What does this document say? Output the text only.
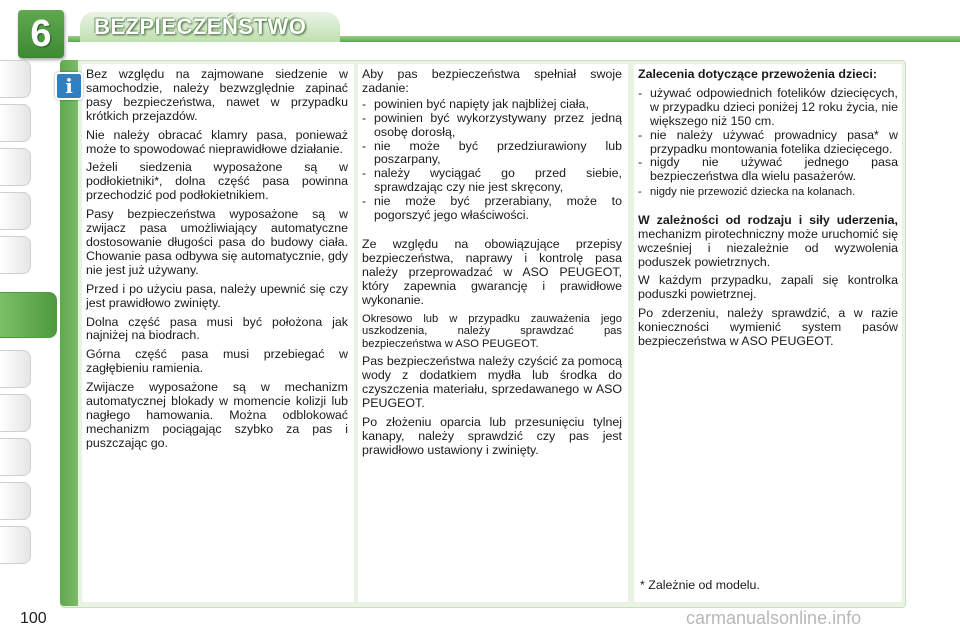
BEZPIECZEŃSTWO
6
i	Bez względu na zajmowane siedzenie w samochodzie, należy bezwzględnie zapinać pasy bezpieczeństwa, nawet w przypadku krótkich przejazdów.

Nie należy obracać klamry pasa, ponieważ może to spowodować nieprawidłowe działanie.

Jeżeli siedzenia wyposażone są w podłokietniki*, dolna część pasa powinna przechodzić pod podłokietnikiem.

Pasy bezpieczeństwa wyposażone są w zwijacz pasa umożliwiający automatyczne dostosowanie długości pasa do budowy ciała. Chowanie pasa odbywa się automatycznie, gdy nie jest już używany.

Przed i po użyciu pasa, należy upewnić się czy jest prawidłowo zwinięty.

Dolna część pasa musi być położona jak najniżej na biodrach.

Górna część pasa musi przebiegać w zagłębieniu ramienia.

Zwijacze wyposażone są w mechanizm automatycznej blokady w momencie kolizji lub nagłego hamowania. Można odblokować mechanizm pociągając szybko za pas i puszczając go.

Aby pas bezpieczeństwa spełniał swoje zadanie:

- powinien być napięty jak najbliżej ciała,
- powinien być wykorzystywany przez jedną osobę dorosłą,
- nie może być przedziurawiony lub poszarpany,
- należy wyciągać go przed siebie, sprawdzając czy nie jest skręcony,
- nie może być przerabiany, może to pogorszyć jego właściwości.

Ze względu na obowiązujące przepisy bezpieczeństwa, naprawy i kontrolę pasa należy przeprowadzać w ASO PEUGEOT, który zapewnia gwarancję i prawidłowe wykonanie.

Okresowo lub w przypadku zauważenia jego uszkodzenia, należy sprawdzać pas bezpieczeństwa w ASO PEUGEOT.

Pas bezpieczeństwa należy czyścić za pomocą wody z dodatkiem mydła lub środka do czyszczenia materiału, sprzedawanego w ASO PEUGEOT.

Po złożeniu oparcia lub przesunięciu tylnej kanapy, należy sprawdzić czy pas jest prawidłowo ustawiony i zwinięty.

Zalecenia dotyczące przewożenia dzieci:

- używać odpowiednich fotelików dziecięcych, w przypadku dzieci poniżej 12 roku życia, nie większego niż 150 cm.
- nie należy używać prowadnicy pasa* w przypadku montowania fotelika dziecięcego.
- nigdy nie używać jednego pasa bezpieczeństwa dla wielu pasażerów.
- nigdy nie przewozić dziecka na kolanach.

W zależności od rodzaju i siły uderzenia, mechanizm pirotechniczny może uruchomić się wcześniej i niezależnie od wyzwolenia poduszek powietrznych.

W każdym przypadku, zapali się kontrolka poduszki powietrznej.

Po zderzeniu, należy sprawdzić, a w razie konieczności wymienić system pasów bezpieczeństwa w ASO PEUGEOT.

* Zależnie od modelu.
100	carmanualsonline.info
